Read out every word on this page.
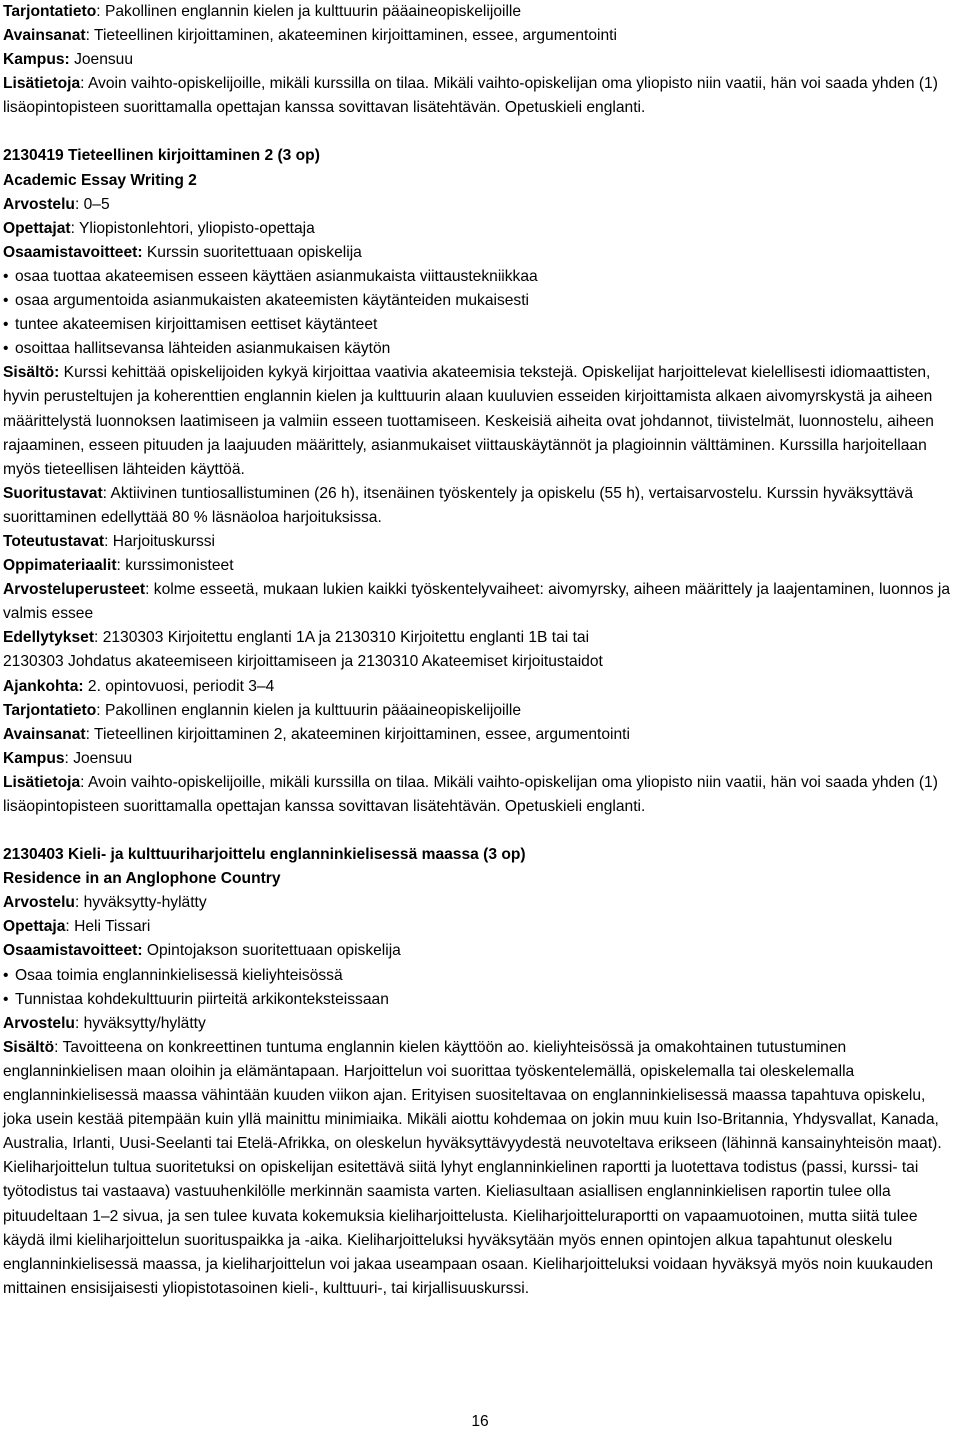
Tarjontatieto: Pakollinen englannin kielen ja kulttuurin pääaineopiskelijoille
Avainsanat: Tieteellinen kirjoittaminen, akateeminen kirjoittaminen, essee, argumentointi
Kampus: Joensuu
Lisätietoja: Avoin vaihto-opiskelijoille, mikäli kurssilla on tilaa. Mikäli vaihto-opiskelijan oma yliopisto niin vaatii, hän voi saada yhden (1) lisäopintopisteen suorittamalla opettajan kanssa sovittavan lisätehtävän. Opetuskieli englanti.
2130419 Tieteellinen kirjoittaminen 2 (3 op)
Academic Essay Writing 2
Arvostelu: 0–5
Opettajat: Yliopistonlehtori, yliopisto-opettaja
Osaamistavoitteet: Kurssin suoritettuaan opiskelija
• osaa tuottaa akateemisen esseen käyttäen asianmukaista viittaustekniikkaa
• osaa argumentoida asianmukaisten akateemisten käytänteiden mukaisesti
• tuntee akateemisen kirjoittamisen eettiset käytänteet
• osoittaa hallitsevansa lähteiden asianmukaisen käytön
Sisältö: Kurssi kehittää opiskelijoiden kykyä kirjoittaa vaativia akateemisia tekstejä. Opiskelijat harjoittelevat kielellisesti idiomaattisten, hyvin perusteltujen ja koherenttien englannin kielen ja kulttuurin alaan kuuluvien esseiden kirjoittamista alkaen aivomyrskystä ja aiheen määrittelystä luonnoksen laatimiseen ja valmiin esseen tuottamiseen. Keskeisiä aiheita ovat johdannot, tiivistelmät, luonnostelu, aiheen rajaaminen, esseen pituuden ja laajuuden määrittely, asianmukaiset viittauskäytännöt ja plagioinnin välttäminen. Kurssilla harjoitellaan myös tieteellisen lähteiden käyttöä.
Suoritustavat: Aktiivinen tuntiosallistuminen (26 h), itsenäinen työskentely ja opiskelu (55 h), vertaisarvostelu. Kurssin hyväksyttävä suorittaminen edellyttää 80 % läsnäoloa harjoituksissa.
Toteutustavat: Harjoituskurssi
Oppimateriaalit: kurssimonisteet
Arvosteluperusteet: kolme esseetä, mukaan lukien kaikki työskentelyvaiheet: aivomyrsky, aiheen määrittely ja laajentaminen, luonnos ja valmis essee
Edellytykset: 2130303 Kirjoitettu englanti 1A ja 2130310 Kirjoitettu englanti 1B tai tai
2130303 Johdatus akateemiseen kirjoittamiseen ja 2130310 Akateemiset kirjoitustaidot
Ajankohta: 2. opintovuosi, periodit 3–4
Tarjontatieto: Pakollinen englannin kielen ja kulttuurin pääaineopiskelijoille
Avainsanat: Tieteellinen kirjoittaminen 2, akateeminen kirjoittaminen, essee, argumentointi
Kampus: Joensuu
Lisätietoja: Avoin vaihto-opiskelijoille, mikäli kurssilla on tilaa. Mikäli vaihto-opiskelijan oma yliopisto niin vaatii, hän voi saada yhden (1) lisäopintopisteen suorittamalla opettajan kanssa sovittavan lisätehtävän. Opetuskieli englanti.
2130403 Kieli- ja kulttuuriharjoittelu englanninkielisessä maassa (3 op)
Residence in an Anglophone Country
Arvostelu: hyväksytty-hylätty
Opettaja: Heli Tissari
Osaamistavoitteet: Opintojakson suoritettuaan opiskelija
• Osaa toimia englanninkielisessä kieliyhteisössä
• Tunnistaa kohdekulttuurin piirteitä arkikonteksteissaan
Arvostelu: hyväksytty/hylätty
Sisältö: Tavoitteena on konkreettinen tuntuma englannin kielen käyttöön ao. kieliyhteisössä ja omakohtainen tutustuminen englanninkielisen maan oloihin ja elämäntapaan. Harjoittelun voi suorittaa työskentelemällä, opiskelemalla tai oleskelemalla englanninkielisessä maassa vähintään kuuden viikon ajan. Erityisen suositeltavaa on englanninkielisessä maassa tapahtuva opiskelu, joka usein kestää pitempään kuin yllä mainittu minimiaika. Mikäli aiottu kohdemaa on jokin muu kuin Iso-Britannia, Yhdysvallat, Kanada, Australia, Irlanti, Uusi-Seelanti tai Etelä-Afrikka, on oleskelun hyväksyttävyydestä neuvoteltava erikseen (lähinnä kansainyhteisön maat). Kieliharjoittelun tultua suoritetuksi on opiskelijan esitettävä siitä lyhyt englanninkielinen raportti ja luotettava todistus (passi, kurssi- tai työtodistus tai vastaava) vastuuhenkilölle merkinnän saamista varten. Kieliasultaan asiallisen englanninkielisen raportin tulee olla pituudeltaan 1–2 sivua, ja sen tulee kuvata kokemuksia kieliharjoittelusta. Kieliharjoitteluraportti on vapaamuotoinen, mutta siitä tulee käydä ilmi kieliharjoittelun suorituspaikka ja -aika. Kieliharjoitteluksi hyväksytään myös ennen opintojen alkua tapahtunut oleskelu englanninkielisessä maassa, ja kieliharjoittelun voi jakaa useampaan osaan. Kieliharjoitteluksi voidaan hyväksyä myös noin kuukauden mittainen ensisijaisesti yliopistotasoinen kieli-, kulttuuri-, tai kirjallisuuskurssi.
16
